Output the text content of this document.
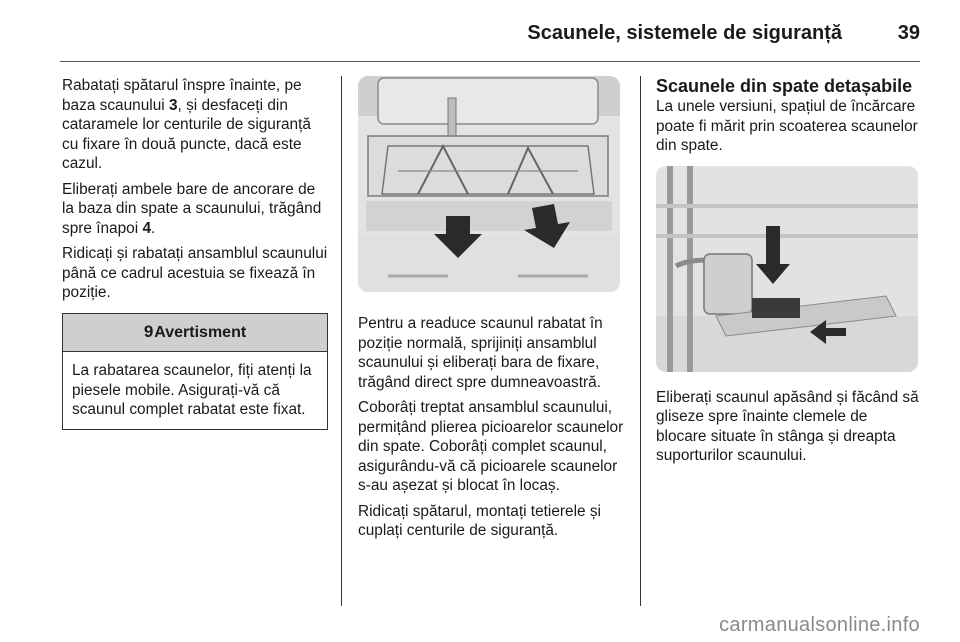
Scaunele, sistemele de siguranță	39

Rabatați spătarul înspre înainte, pe baza scaunului 3, și desfaceți din cataramele lor centurile de siguranță cu fixare în două puncte, dacă este cazul.

Eliberați ambele bare de ancorare de la baza din spate a scaunului, trăgând spre înapoi 4.

Ridicați și rabatați ansamblul scaunului până ce cadrul acestuia se fixează în poziție.

9Avertisment
La rabatarea scaunelor, fiți atenți la piesele mobile. Asigurați-vă că scaunul complet rabatat este fixat.

Pentru a readuce scaunul rabatat în poziție normală, sprijiniți ansamblul scaunului și eliberați bara de fixare, trăgând direct spre dumneavoastră.

Coborâți treptat ansamblul scaunului, permițând plierea picioarelor scaunelor din spate. Coborâți complet scaunul, asigurându-vă că picioarele scaunelor s-au așezat și blocat în locaș.

Ridicați spătarul, montați tetierele și cuplați centurile de siguranță.

Scaunele din spate detașabile

La unele versiuni, spațiul de încărcare poate fi mărit prin scoaterea scaunelor din spate.

Eliberați scaunul apăsând și făcând să gliseze spre înainte clemele de blocare situate în stânga și dreapta suporturilor scaunului.

carmanualsonline.info
